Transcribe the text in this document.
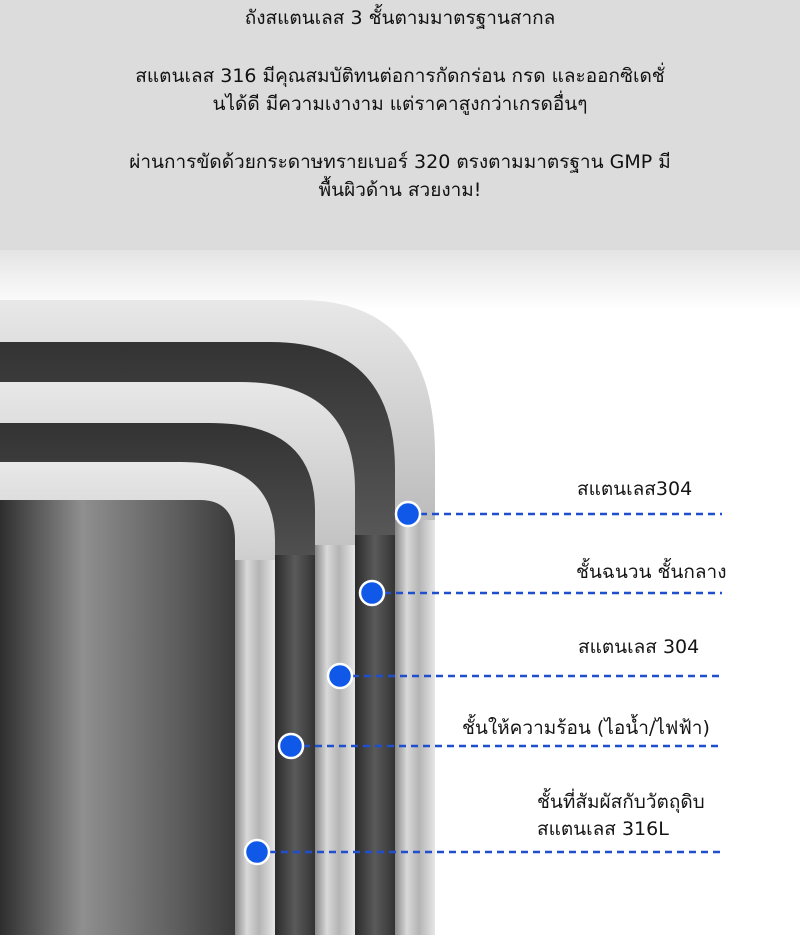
ถังสแตนเลส 3 ชั้นตามมาตรฐานสากล
สแตนเลส 316 มีคุณสมบัติทนต่อการกัดกร่อน กรด และออกซิเดชั่
นได้ดี มีความเงางาม แต่ราคาสูงกว่าเกรดอื่นๆ
ผ่านการขัดด้วยกระดาษทรายเบอร์ 320 ตรงตามมาตรฐาน GMP มี
พื้นผิวด้าน สวยงาม!
สแตนเลส304
ชั้นฉนวน ชั้นกลาง
สแตนเลส 304
ชั้นให้ความร้อน (ไอน้ำ/ไฟฟ้า)
ชั้นที่สัมผัสกับวัตถุดิบ
สแตนเลส 316L
